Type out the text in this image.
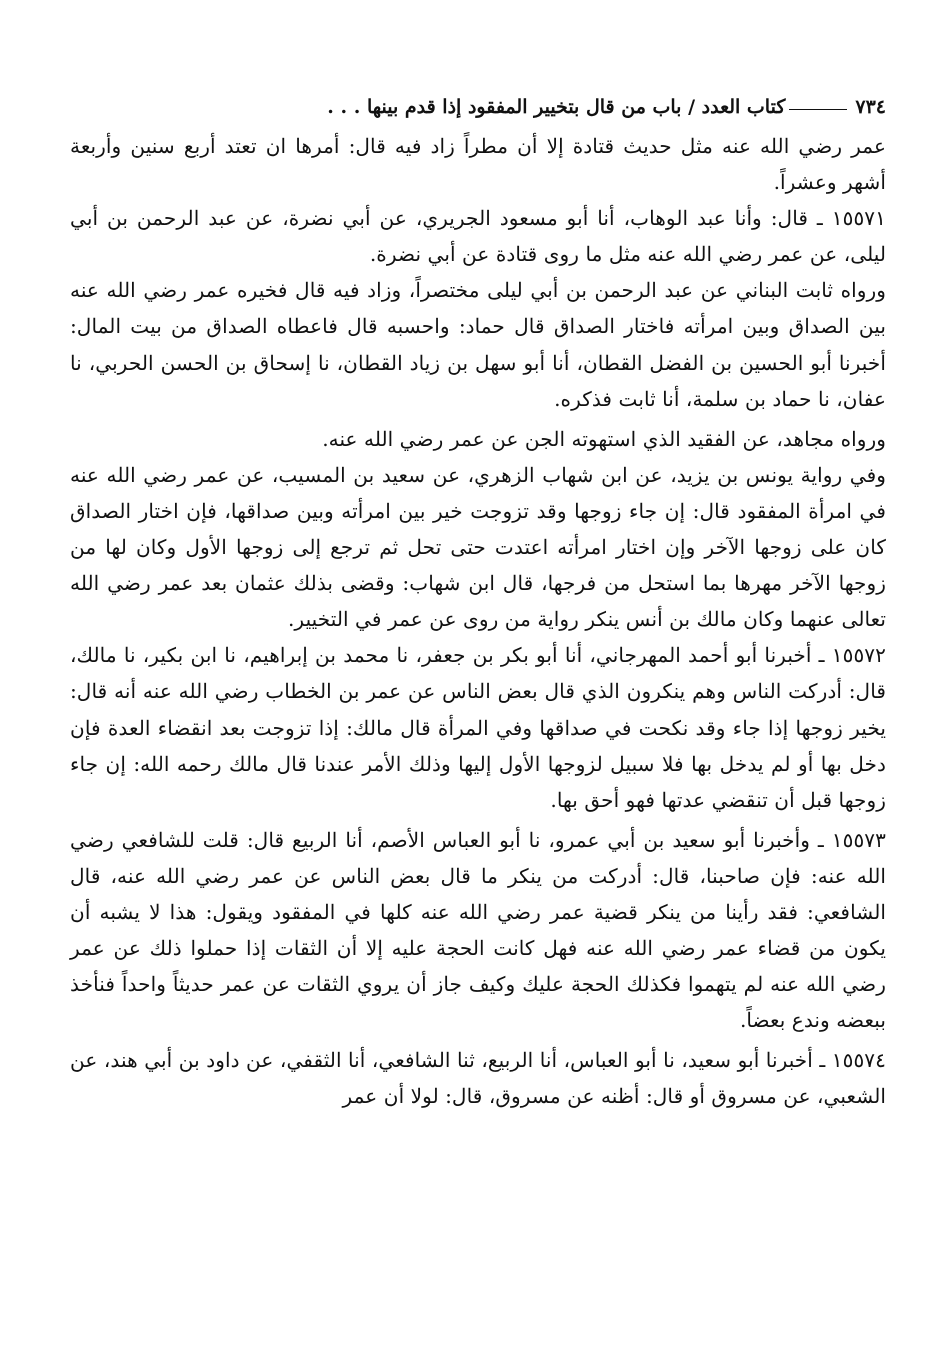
٧٣٤
كتاب العدد / باب من قال بتخيير المفقود إذا قدم بينها . . .

عمر رضي الله عنه مثل حديث قتادة إلا أن مطراً زاد فيه قال: أمرها ان تعتد أربع سنين وأربعة أشهر وعشراً.

١٥٥٧١ ـ قال: وأنا عبد الوهاب، أنا أبو مسعود الجريري، عن أبي نضرة، عن عبد الرحمن بن أبي ليلى، عن عمر رضي الله عنه مثل ما روى قتادة عن أبي نضرة.

ورواه ثابت البناني عن عبد الرحمن بن أبي ليلى مختصراً، وزاد فيه قال فخيره عمر رضي الله عنه بين الصداق وبين امرأته فاختار الصداق قال حماد: واحسبه قال فاعطاه الصداق من بيت المال: أخبرنا أبو الحسين بن الفضل القطان، أنا أبو سهل بن زياد القطان، نا إسحاق بن الحسن الحربي، نا عفان، نا حماد بن سلمة، أنا ثابت فذكره.

ورواه مجاهد، عن الفقيد الذي استهوته الجن عن عمر رضي الله عنه.

وفي رواية يونس بن يزيد، عن ابن شهاب الزهري، عن سعيد بن المسيب، عن عمر رضي الله عنه في امرأة المفقود قال: إن جاء زوجها وقد تزوجت خير بين امرأته وبين صداقها، فإن اختار الصداق كان على زوجها الآخر وإن اختار امرأته اعتدت حتى تحل ثم ترجع إلى زوجها الأول وكان لها من زوجها الآخر مهرها بما استحل من فرجها، قال ابن شهاب: وقضى بذلك عثمان بعد عمر رضي الله تعالى عنهما وكان مالك بن أنس ينكر رواية من روى عن عمر في التخيير.

١٥٥٧٢ ـ أخبرنا أبو أحمد المهرجاني، أنا أبو بكر بن جعفر، نا محمد بن إبراهيم، نا ابن بكير، نا مالك، قال: أدركت الناس وهم ينكرون الذي قال بعض الناس عن عمر بن الخطاب رضي الله عنه أنه قال: يخير زوجها إذا جاء وقد نكحت في صداقها وفي المرأة قال مالك: إذا تزوجت بعد انقضاء العدة فإن دخل بها أو لم يدخل بها فلا سبيل لزوجها الأول إليها وذلك الأمر عندنا قال مالك رحمه الله: إن جاء زوجها قبل أن تنقضي عدتها فهو أحق بها.

١٥٥٧٣ ـ وأخبرنا أبو سعيد بن أبي عمرو، نا أبو العباس الأصم، أنا الربيع قال: قلت للشافعي رضي الله عنه: فإن صاحبنا، قال: أدركت من ينكر ما قال بعض الناس عن عمر رضي الله عنه، قال الشافعي: فقد رأينا من ينكر قضية عمر رضي الله عنه كلها في المفقود ويقول: هذا لا يشبه أن يكون من قضاء عمر رضي الله عنه فهل كانت الحجة عليه إلا أن الثقات إذا حملوا ذلك عن عمر رضي الله عنه لم يتهموا فكذلك الحجة عليك وكيف جاز أن يروي الثقات عن عمر حديثاً واحداً فنأخذ ببعضه وندع بعضاً.

١٥٥٧٤ ـ أخبرنا أبو سعيد، نا أبو العباس، أنا الربيع، ثنا الشافعي، أنا الثقفي، عن داود بن أبي هند، عن الشعبي، عن مسروق أو قال: أظنه عن مسروق، قال: لولا أن عمر
